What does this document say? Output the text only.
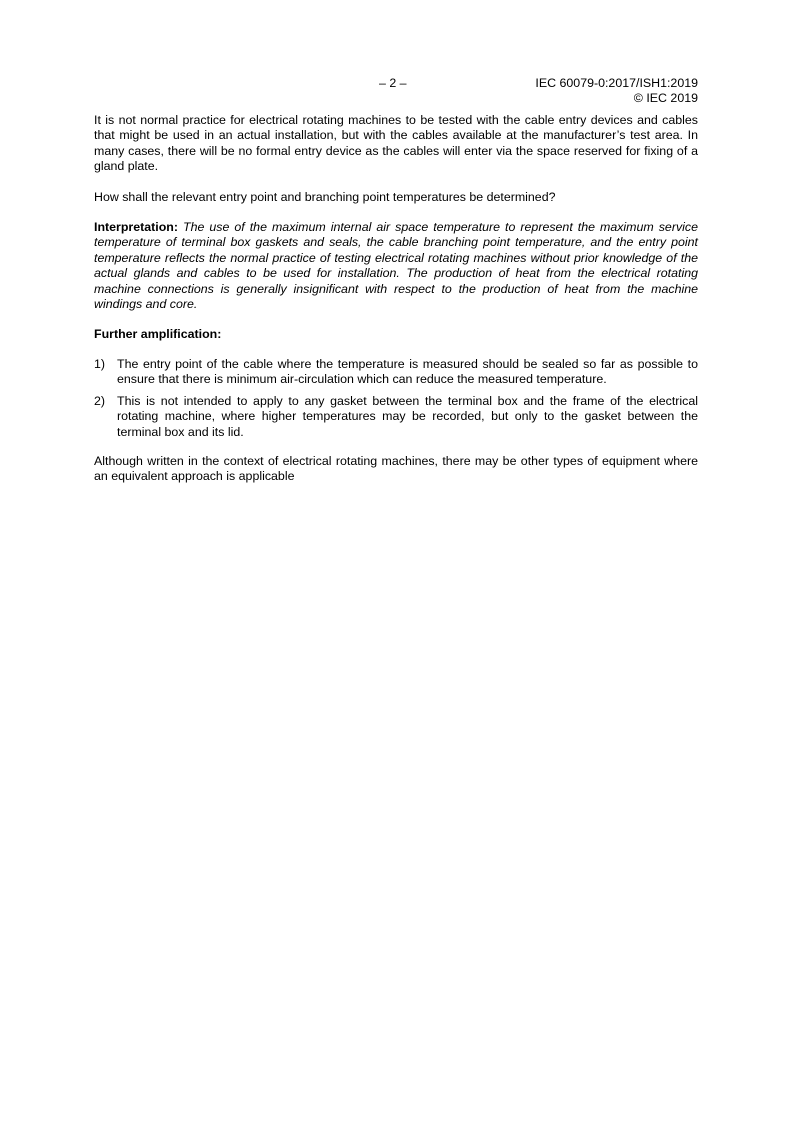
– 2 –	IEC 60079-0:2017/ISH1:2019
© IEC 2019

It is not normal practice for electrical rotating machines to be tested with the cable entry devices and cables that might be used in an actual installation, but with the cables available at the manufacturer’s test area. In many cases, there will be no formal entry device as the cables will enter via the space reserved for fixing of a gland plate.

How shall the relevant entry point and branching point temperatures be determined?

Interpretation: The use of the maximum internal air space temperature to represent the maximum service temperature of terminal box gaskets and seals, the cable branching point temperature, and the entry point temperature reflects the normal practice of testing electrical rotating machines without prior knowledge of the actual glands and cables to be used for installation. The production of heat from the electrical rotating machine connections is generally insignificant with respect to the production of heat from the machine windings and core.

Further amplification:
1) The entry point of the cable where the temperature is measured should be sealed so far as possible to ensure that there is minimum air-circulation which can reduce the measured temperature.
2) This is not intended to apply to any gasket between the terminal box and the frame of the electrical rotating machine, where higher temperatures may be recorded, but only to the gasket between the terminal box and its lid.

Although written in the context of electrical rotating machines, there may be other types of equipment where an equivalent approach is applicable
